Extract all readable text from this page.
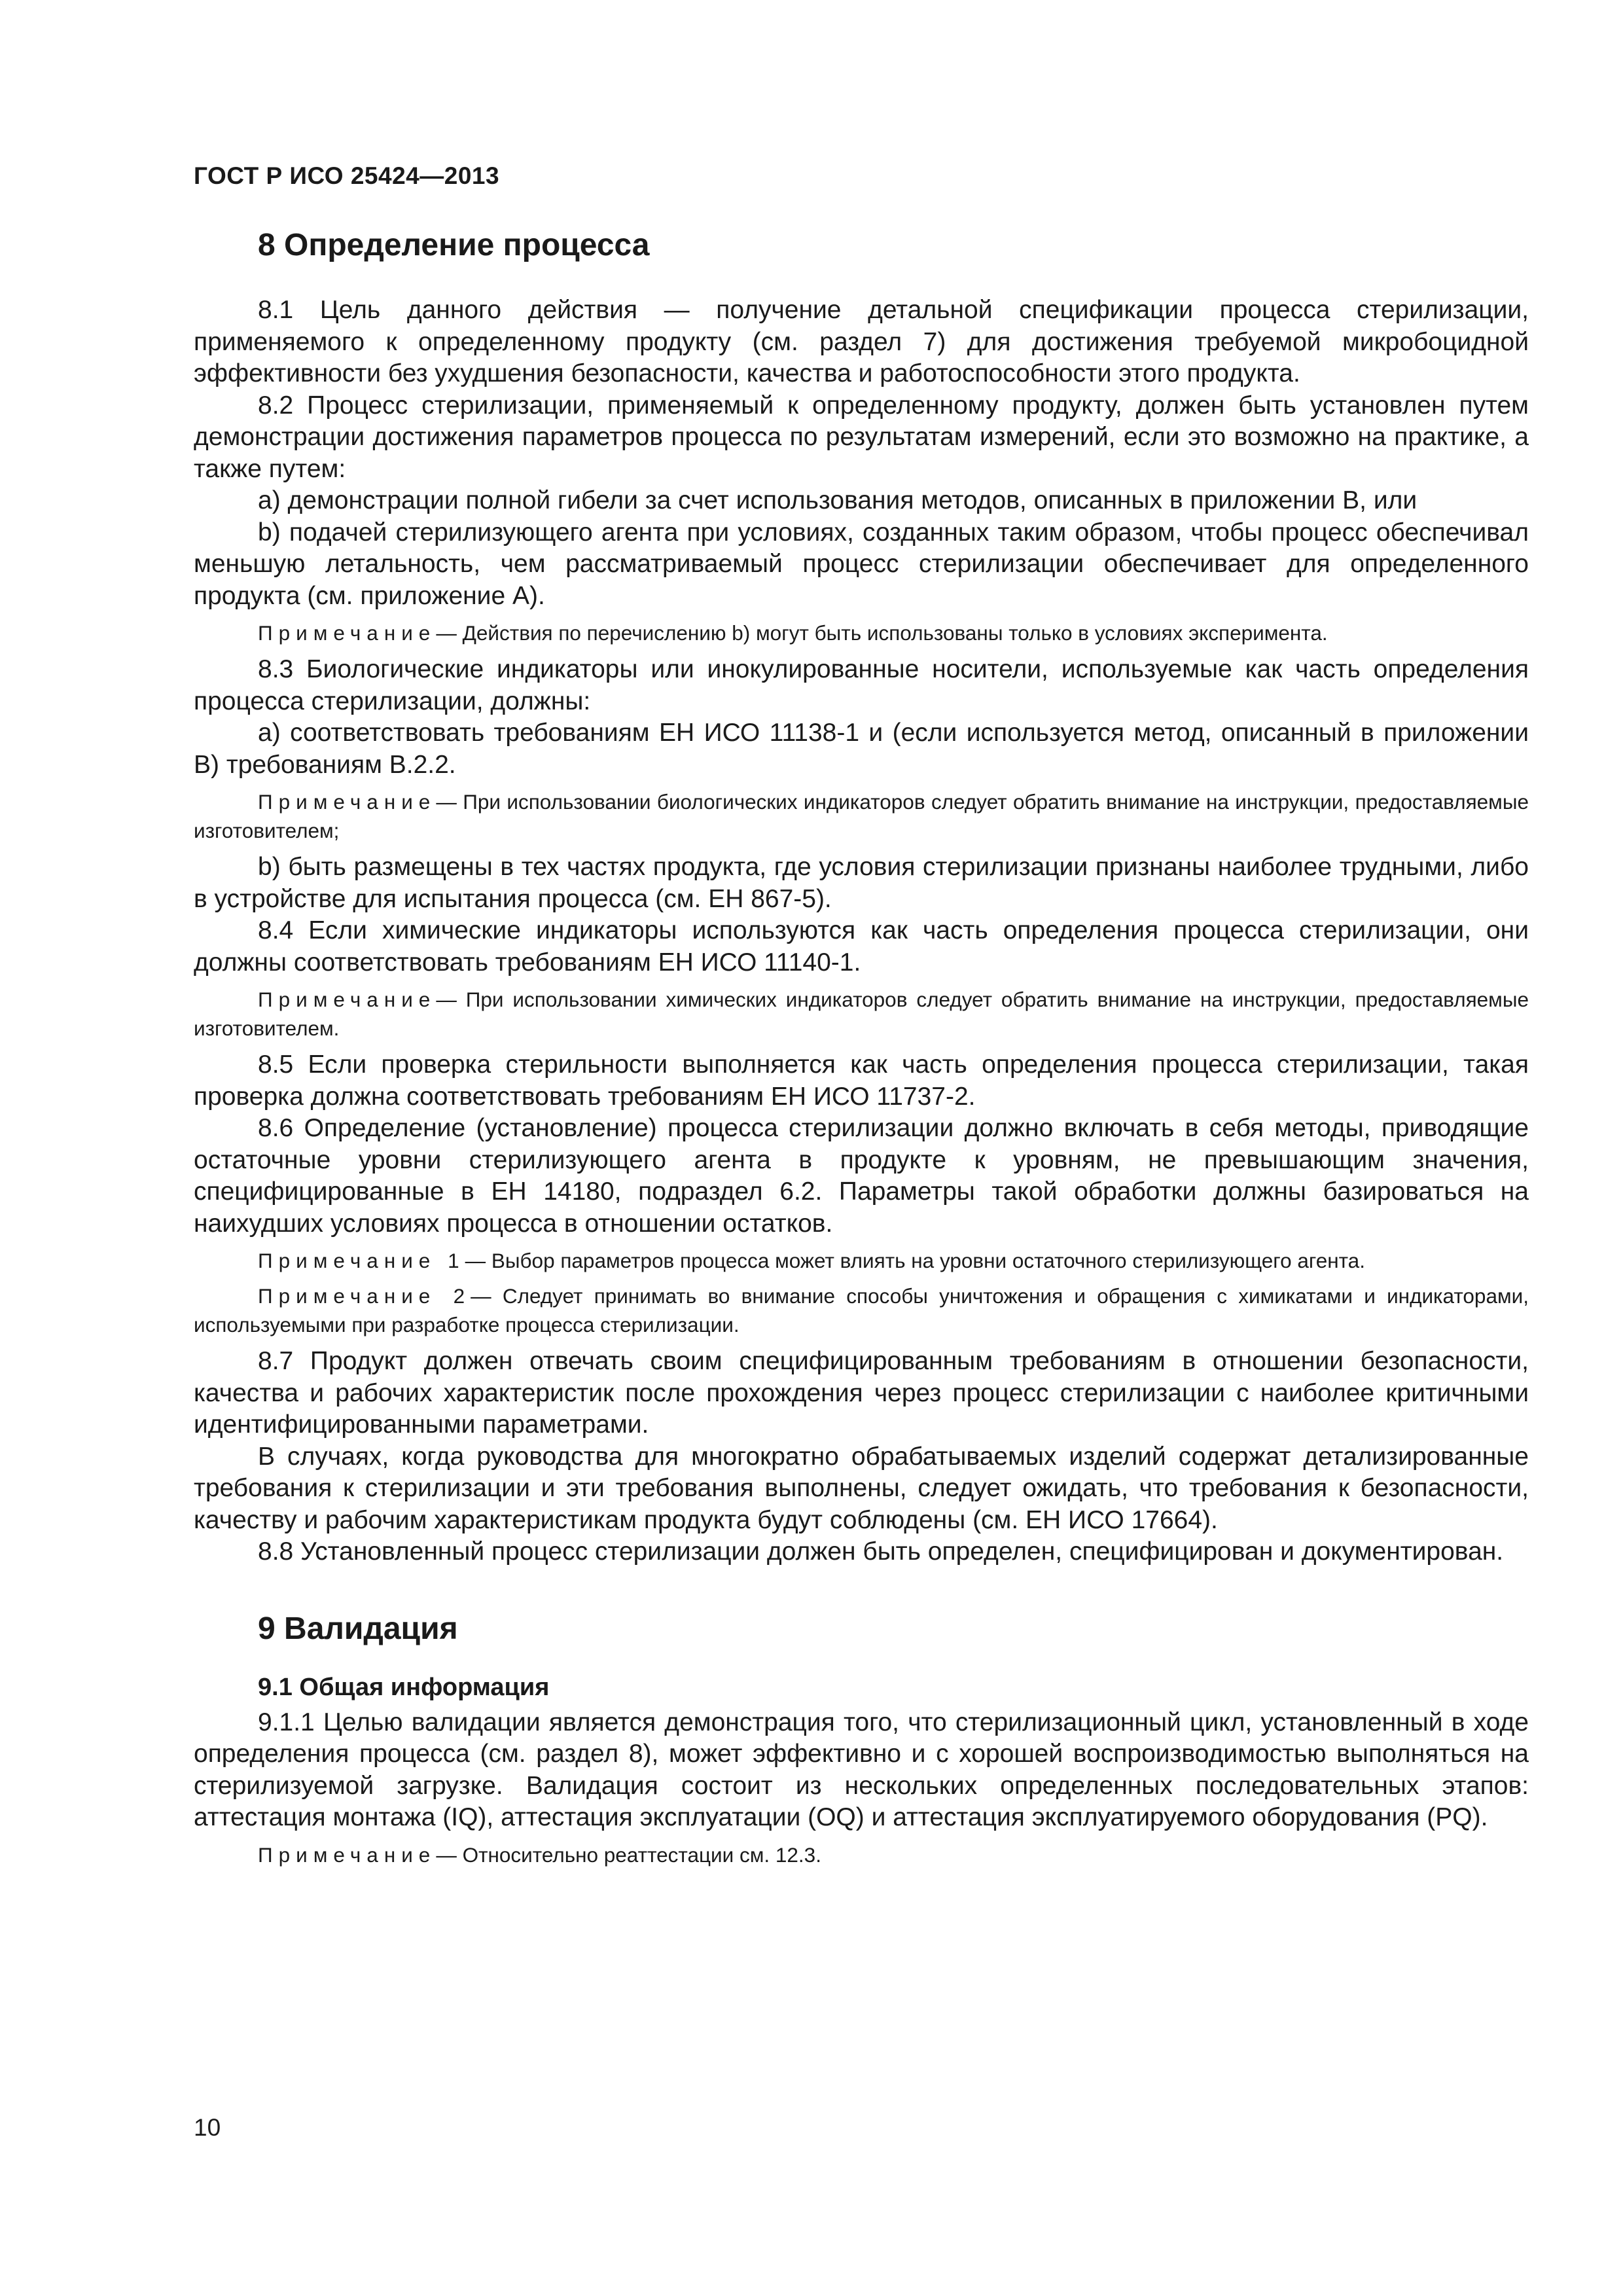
ГОСТ Р ИСО 25424—2013
8 Определение процесса

8.1 Цель данного действия — получение детальной спецификации процесса стерилизации, применяемого к определенному продукту (см. раздел 7) для достижения требуемой микробоцидной эффективности без ухудшения безопасности, качества и работоспособности этого продукта.

8.2 Процесс стерилизации, применяемый к определенному продукту, должен быть установлен путем демонстрации достижения параметров процесса по результатам измерений, если это возможно на практике, а также путем:

а) демонстрации полной гибели за счет использования методов, описанных в приложении В, или

b) подачей стерилизующего агента при условиях, созданных таким образом, чтобы процесс обеспечивал меньшую летальность, чем рассматриваемый процесс стерилизации обеспечивает для определенного продукта (см. приложение А).

Примечание— Действия по перечислению b) могут быть использованы только в условиях эксперимента.

8.3 Биологические индикаторы или инокулированные носители, используемые как часть определения процесса стерилизации, должны:

а) соответствовать требованиям ЕН ИСО 11138-1 и (если используется метод, описанный в приложении В) требованиям В.2.2.

Примечание— При использовании биологических индикаторов следует обратить внимание на инструкции, предоставляемые изготовителем;

b) быть размещены в тех частях продукта, где условия стерилизации признаны наиболее трудными, либо в устройстве для испытания процесса (см. ЕН 867-5).

8.4 Если химические индикаторы используются как часть определения процесса стерилизации, они должны соответствовать требованиям ЕН ИСО 11140-1.

Примечание— При использовании химических индикаторов следует обратить внимание на инструкции, предоставляемые изготовителем.

8.5 Если проверка стерильности выполняется как часть определения процесса стерилизации, такая проверка должна соответствовать требованиям ЕН ИСО 11737-2.

8.6 Определение (установление) процесса стерилизации должно включать в себя методы, приводящие остаточные уровни стерилизующего агента в продукте к уровням, не превышающим значения, специфицированные в ЕН 14180, подраздел 6.2. Параметры такой обработки должны базироваться на наихудших условиях процесса в отношении остатков.

Примечание 1— Выбор параметров процесса может влиять на уровни остаточного стерилизующего агента.

Примечание 2— Следует принимать во внимание способы уничтожения и обращения с химикатами и индикаторами, используемыми при разработке процесса стерилизации.

8.7 Продукт должен отвечать своим специфицированным требованиям в отношении безопасности, качества и рабочих характеристик после прохождения через процесс стерилизации с наиболее критичными идентифицированными параметрами.

В случаях, когда руководства для многократно обрабатываемых изделий содержат детализированные требования к стерилизации и эти требования выполнены, следует ожидать, что требования к безопасности, качеству и рабочим характеристикам продукта будут соблюдены (см. ЕН ИСО 17664).

8.8 Установленный процесс стерилизации должен быть определен, специфицирован и документирован.

9 Валидация
9.1 Общая информация

9.1.1 Целью валидации является демонстрация того, что стерилизационный цикл, установленный в ходе определения процесса (см. раздел 8), может эффективно и с хорошей воспроизводимостью выполняться на стерилизуемой загрузке. Валидация состоит из нескольких определенных последовательных этапов: аттестация монтажа (IQ), аттестация эксплуатации (OQ) и аттестация эксплуатируемого оборудования (PQ).

Примечание— Относительно реаттестации см. 12.3.

10
